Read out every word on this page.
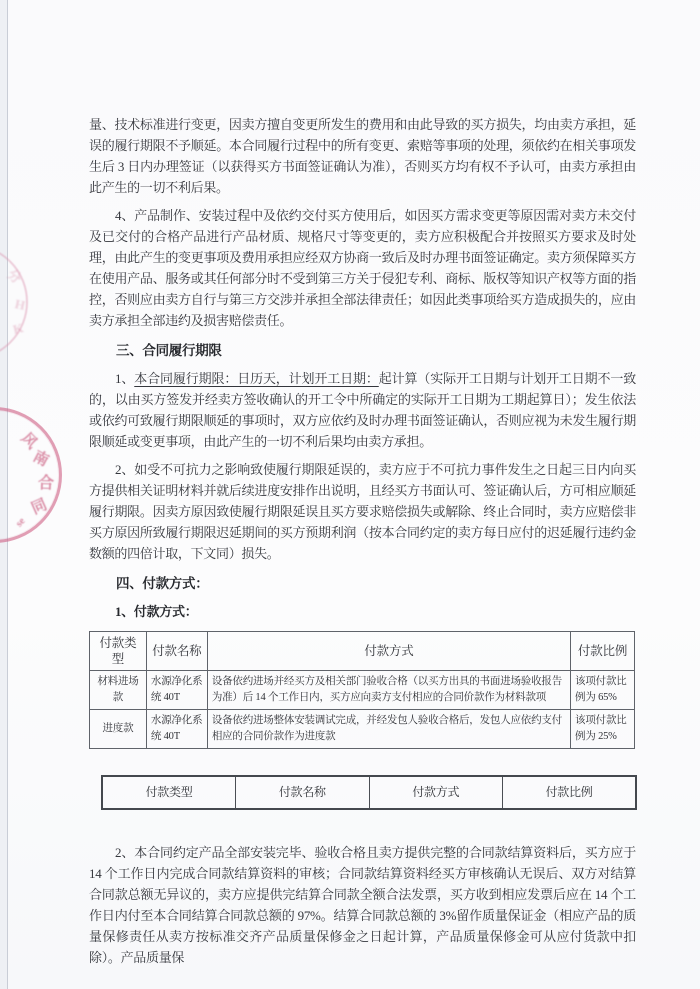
分
H
K
风
南
合
同
se

量、技术标准进行变更，因卖方擅自变更所发生的费用和由此导致的买方损失，均由卖方承担，延误的履行期限不予顺延。本合同履行过程中的所有变更、索赔等事项的处理，须依约在相关事项发生后 3 日内办理签证（以获得买方书面签证确认为准），否则买方均有权不予认可，由卖方承担由此产生的一切不利后果。

4、产品制作、安装过程中及依约交付买方使用后，如因买方需求变更等原因需对卖方未交付及已交付的合格产品进行产品材质、规格尺寸等变更的，卖方应积极配合并按照买方要求及时处理，由此产生的变更事项及费用承担应经双方协商一致后及时办理书面签证确定。卖方须保障买方在使用产品、服务或其任何部分时不受到第三方关于侵犯专利、商标、版权等知识产权等方面的指控，否则应由卖方自行与第三方交涉并承担全部法律责任；如因此类事项给买方造成损失的，应由卖方承担全部违约及损害赔偿责任。

三、合同履行期限

1、本合同履行期限：日历天，计划开工日期：起计算（实际开工日期与计划开工日期不一致的，以由买方签发并经卖方签收确认的开工令中所确定的实际开工日期为工期起算日）；发生依法或依约可致履行期限顺延的事项时，双方应依约及时办理书面签证确认，否则应视为未发生履行期限顺延或变更事项，由此产生的一切不利后果均由卖方承担。

2、如受不可抗力之影响致使履行期限延误的，卖方应于不可抗力事件发生之日起三日内向买方提供相关证明材料并就后续进度安排作出说明，且经买方书面认可、签证确认后，方可相应顺延履行期限。因卖方原因致使履行期限延误且买方要求赔偿损失或解除、终止合同时，卖方应赔偿非买方原因所致履行期限迟延期间的买方预期利润（按本合同约定的卖方每日应付的迟延履行违约金数额的四倍计取，下文同）损失。

四、付款方式：

1、付款方式：

付款类型	付款名称	付款方式	付款比例
材料进场款	水源净化系统 40T	设备依约进场并经买方及相关部门验收合格（以买方出具的书面进场验收报告为准）后 14 个工作日内，买方应向卖方支付相应的合同价款作为材料款项	该项付款比例为 65%
进度款	水源净化系统 40T	设备依约进场整体安装调试完成，并经发包人验收合格后，发包人应依约支付相应的合同价款作为进度款	该项付款比例为 25%
付款类型	付款名称	付款方式	付款比例

2、本合同约定产品全部安装完毕、验收合格且卖方提供完整的合同款结算资料后，买方应于 14 个工作日内完成合同款结算资料的审核；合同款结算资料经买方审核确认无误后、双方对结算合同款总额无异议的，卖方应提供完结算合同款全额合法发票，买方收到相应发票后应在 14 个工作日内付至本合同结算合同款总额的 97%。结算合同款总额的 3%留作质量保证金（相应产品的质量保修责任从卖方按标准交齐产品质量保修金之日起计算，产品质量保修金可从应付货款中扣除）。产品质量保
